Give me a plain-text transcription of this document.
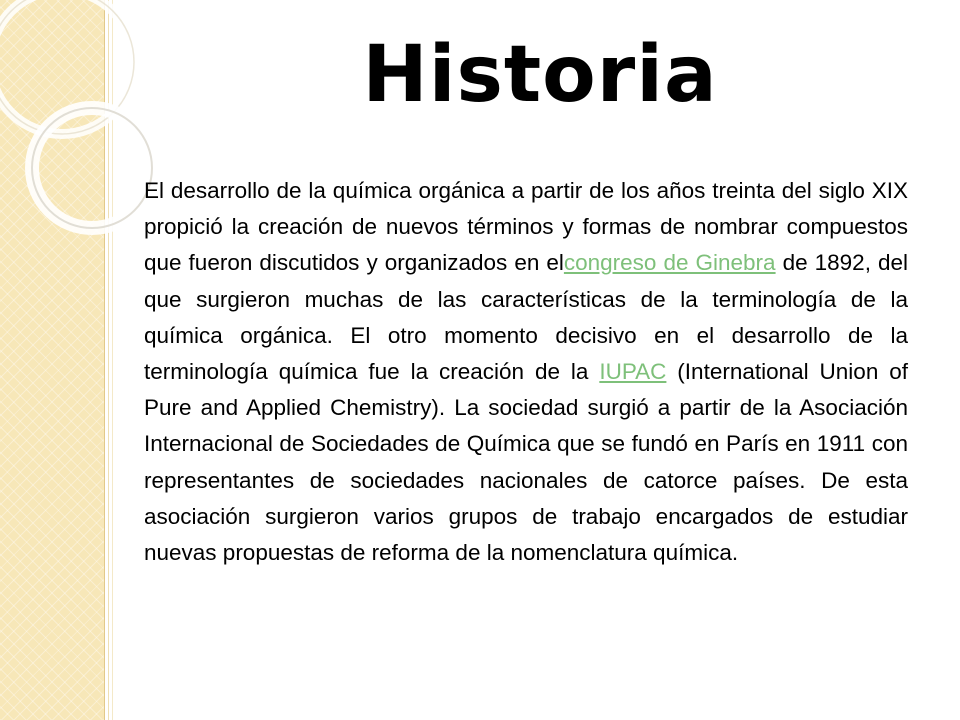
Historia

El desarrollo de la química orgánica a partir de los años treinta del siglo XIX propició la creación de nuevos términos y formas de nombrar compuestos que fueron discutidos y organizados en elcongreso de Ginebra de 1892, del que surgieron muchas de las características de la terminología de la química orgánica. El otro momento decisivo en el desarrollo de la terminología química fue la creación de la IUPAC (International Union of Pure and Applied Chemistry). La sociedad surgió a partir de la Asociación Internacional de Sociedades de Química que se fundó en París en 1911 con representantes de sociedades nacionales de catorce países. De esta asociación surgieron varios grupos de trabajo encargados de estudiar nuevas propuestas de reforma de la nomenclatura química.
